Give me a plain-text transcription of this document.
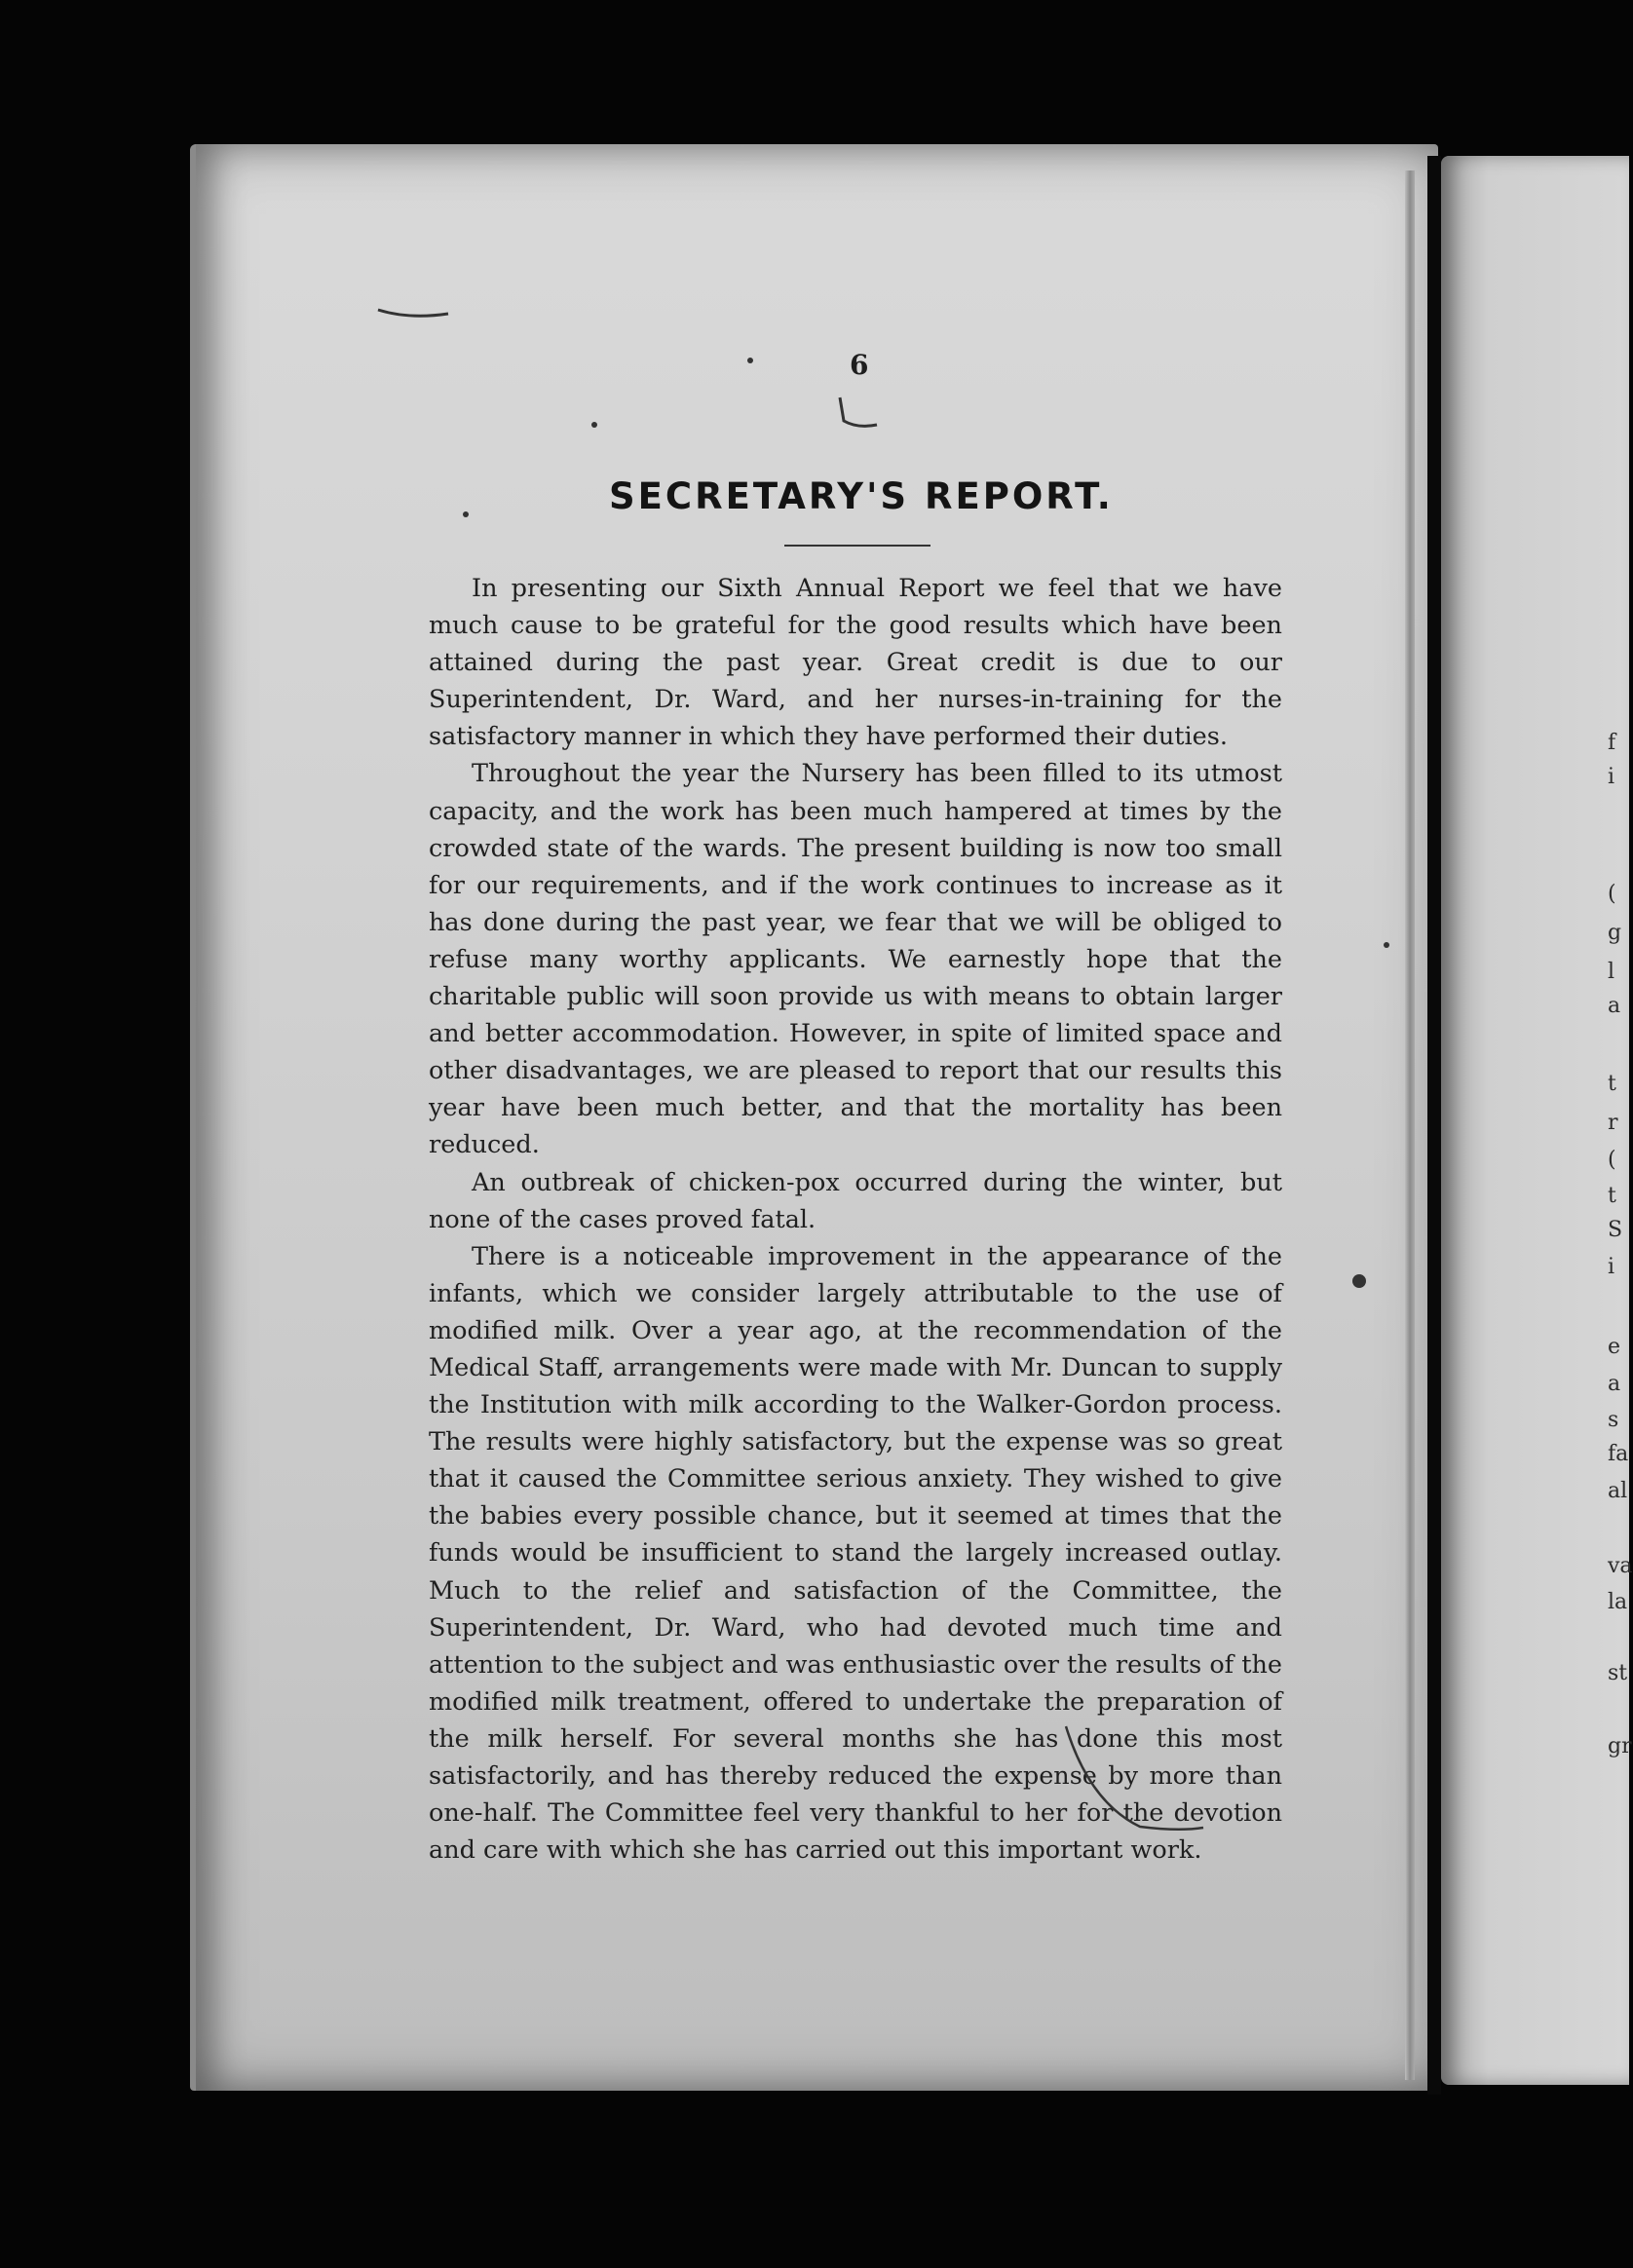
f
i
(
g
l
a
t
r
(
t
S
i
e
a
s
fa
al
va
la
st
gr
6
SECRETARY'S REPORT.

In presenting our Sixth Annual Report we feel that we have much cause to be grateful for the good results which have been attained during the past year. Great credit is due to our Superintendent, Dr. Ward, and her nurses-in-training for the satisfactory manner in which they have performed their duties.

Throughout the year the Nursery has been filled to its utmost capacity, and the work has been much hampered at times by the crowded state of the wards. The present building is now too small for our requirements, and if the work continues to increase as it has done during the past year, we fear that we will be obliged to refuse many worthy applicants. We earnestly hope that the charitable public will soon provide us with means to obtain larger and better accommodation. However, in spite of limited space and other disadvantages, we are pleased to report that our results this year have been much better, and that the mortality has been reduced.

An outbreak of chicken-pox occurred during the winter, but none of the cases proved fatal.

There is a noticeable improvement in the appearance of the infants, which we consider largely attributable to the use of modified milk. Over a year ago, at the recommendation of the Medical Staff, arrangements were made with Mr. Duncan to supply the Institution with milk according to the Walker-Gordon process. The results were highly satisfactory, but the expense was so great that it caused the Committee serious anxiety. They wished to give the babies every possible chance, but it seemed at times that the funds would be insufficient to stand the largely increased outlay. Much to the relief and satisfaction of the Committee, the Superintendent, Dr. Ward, who had devoted much time and attention to the subject and was enthusiastic over the results of the modified milk treatment, offered to undertake the preparation of the milk herself. For several months she has done this most satisfactorily, and has thereby reduced the expense by more than one-half. The Committee feel very thankful to her for the devotion and care with which she has carried out this important work.
